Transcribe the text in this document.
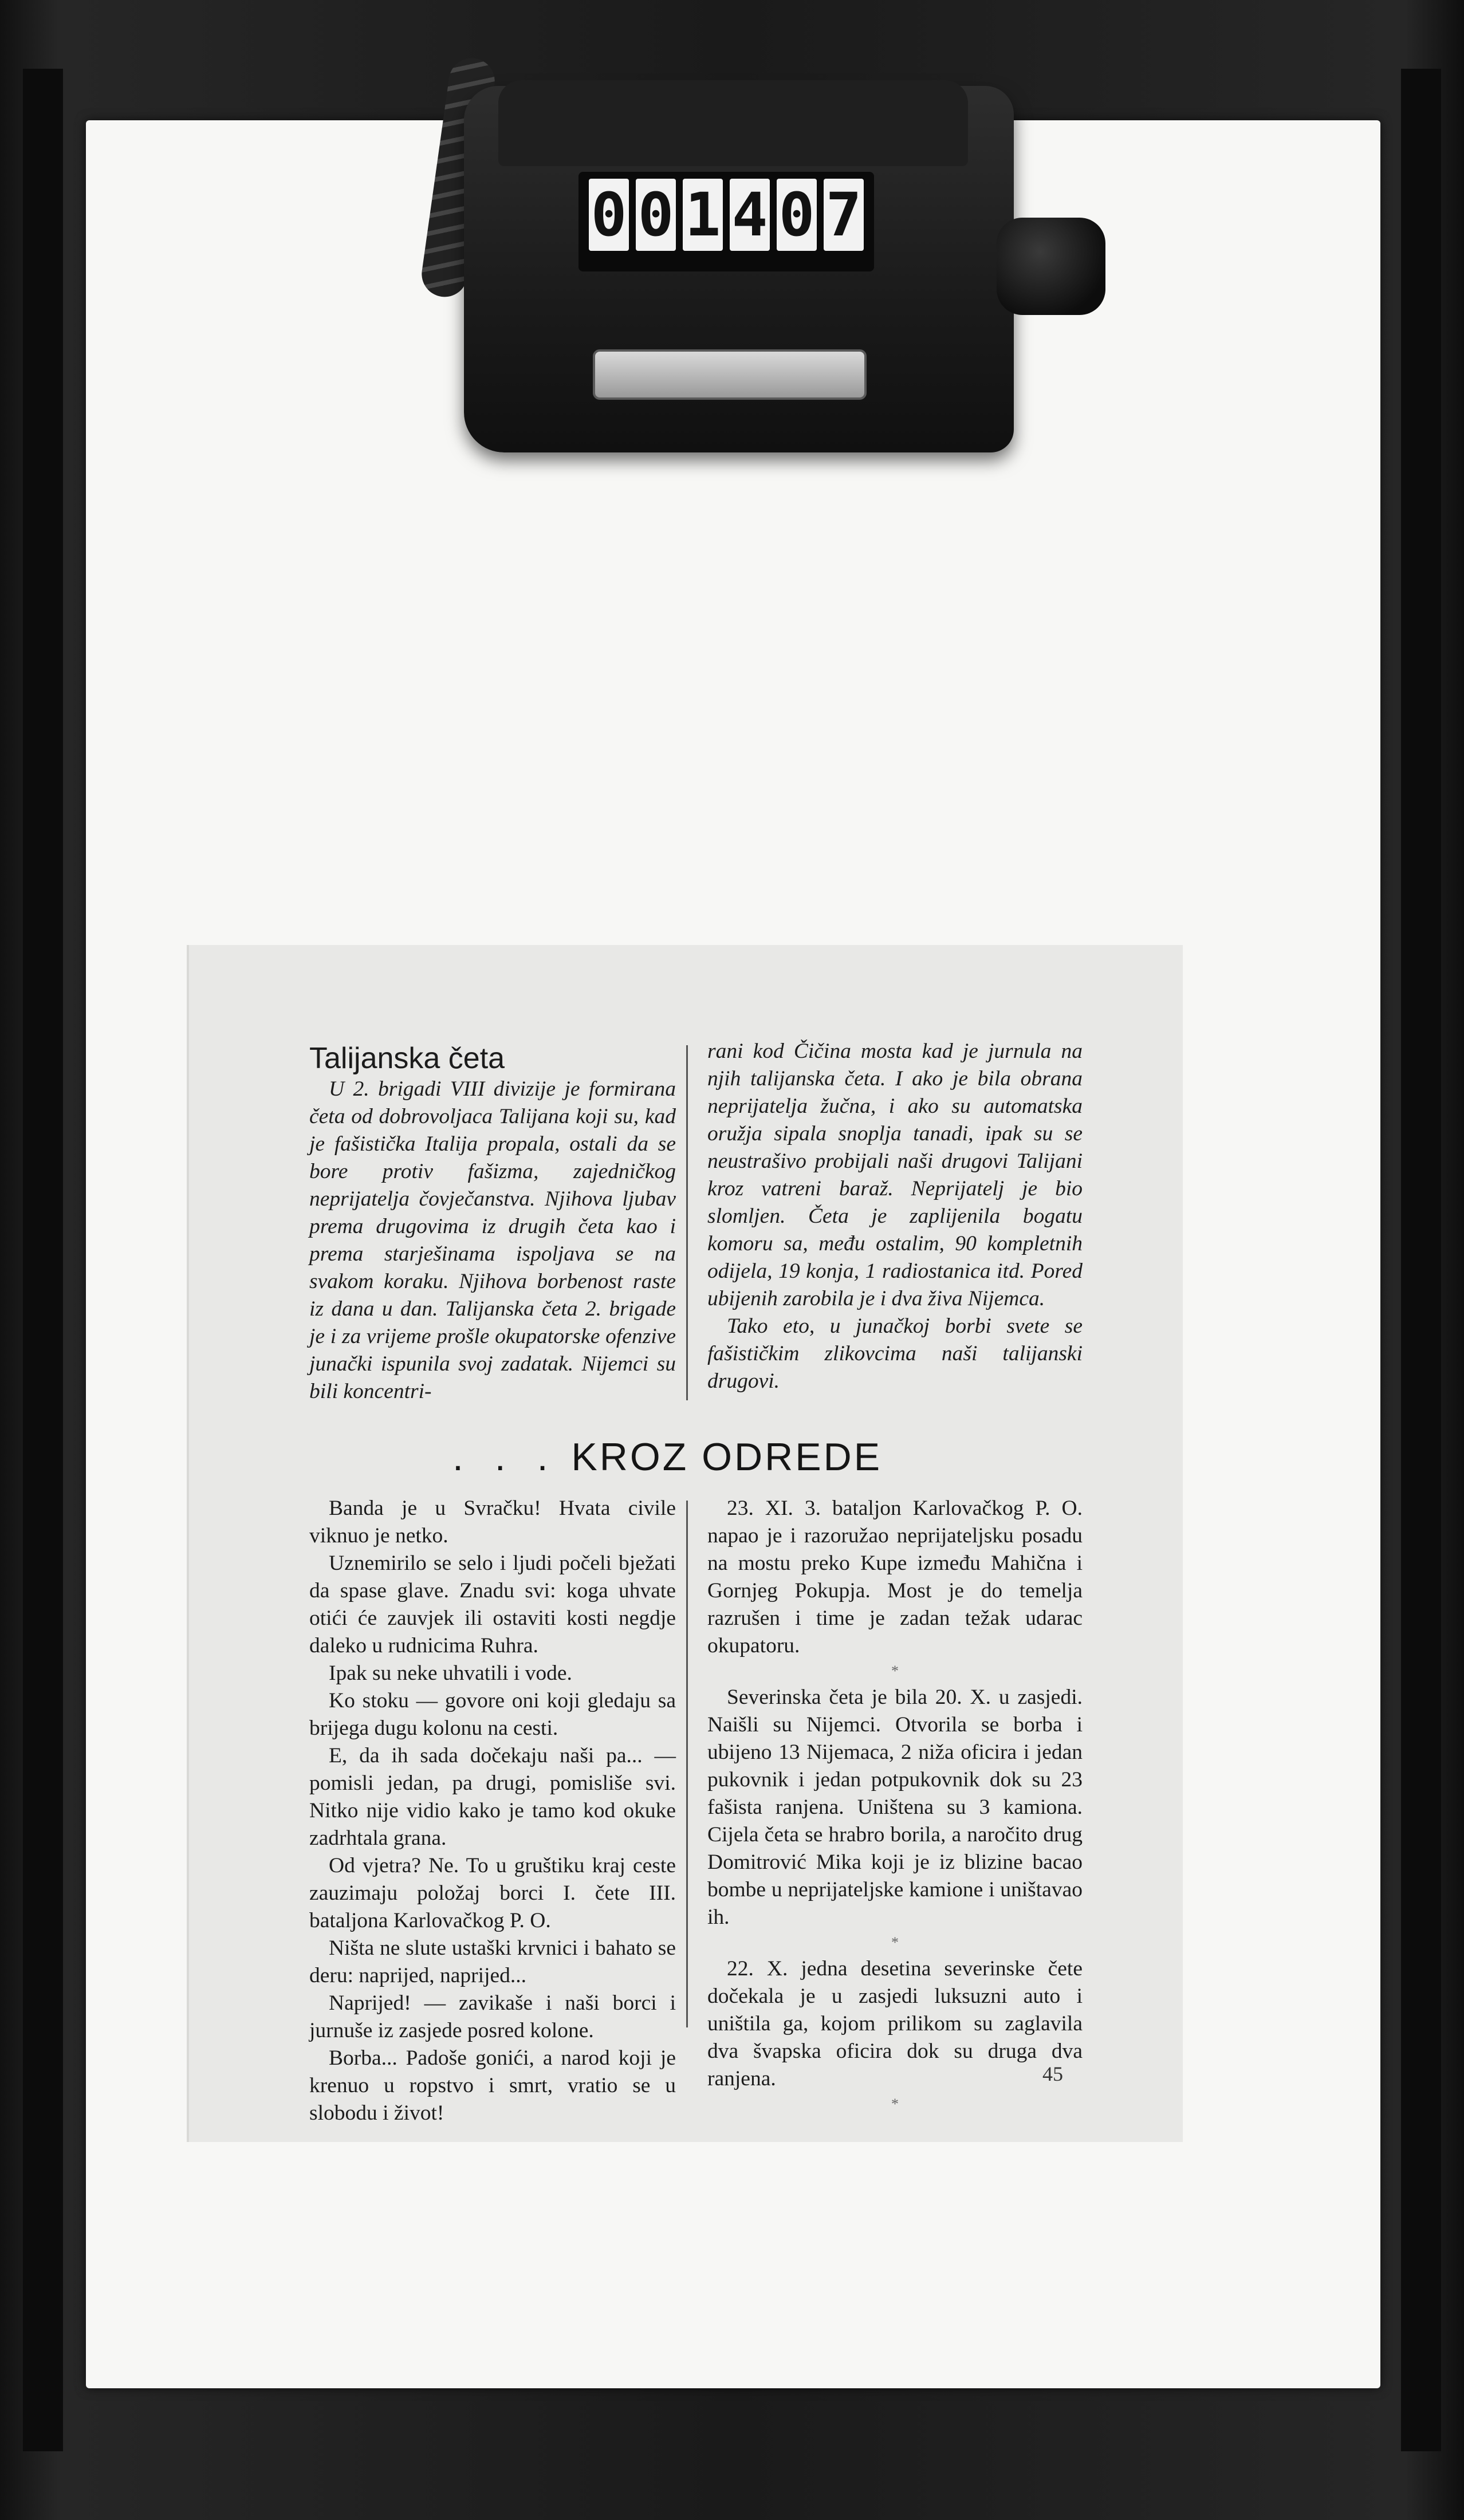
0 0 1 4 0 7
Talijanska četa

U 2. brigadi VIII divizije je formirana četa od dobrovoljaca Talijana koji su, kad je fašistička Italija propala, ostali da se bore protiv fašizma, zajedničkog neprijatelja čovječanstva. Njihova ljubav prema drugovima iz drugih četa kao i prema starješinama ispoljava se na svakom koraku. Njihova borbenost raste iz dana u dan. Talijanska četa 2. brigade je i za vrijeme prošle okupatorske ofenzive junački ispunila svoj zadatak. Nijemci su bili koncentri-

rani kod Čičina mosta kad je jurnula na njih talijanska četa. I ako je bila obrana neprijatelja žučna, i ako su automatska oružja sipala snoplja tanadi, ipak su se neustrašivo probijali naši drugovi Talijani kroz vatreni baraž. Neprijatelj je bio slomljen. Četa je zaplijenila bogatu komoru sa, među ostalim, 90 kompletnih odijela, 19 konja, 1 radiostanica itd. Pored ubijenih zarobila je i dva živa Nijemca.

Tako eto, u junačkoj borbi svete se fašističkim zlikovcima naši talijanski drugovi.

. . . KROZ ODREDE

Banda je u Svračku! Hvata civile viknuo je netko.

Uznemirilo se selo i ljudi počeli bježati da spase glave. Znadu svi: koga uhvate otići će zauvjek ili ostaviti kosti negdje daleko u rudnicima Ruhra.

Ipak su neke uhvatili i vode.

Ko stoku — govore oni koji gledaju sa brijega dugu kolonu na cesti.

E, da ih sada dočekaju naši pa... — pomisli jedan, pa drugi, pomisliše svi. Nitko nije vidio kako je tamo kod okuke zadrhtala grana.

Od vjetra? Ne. To u gruštiku kraj ceste zauzimaju položaj borci I. čete III. bataljona Karlovačkog P. O.

Ništa ne slute ustaški krvnici i bahato se deru: naprijed, naprijed...

Naprijed! — zavikaše i naši borci i jurnuše iz zasjede posred kolone.

Borba... Padoše gonići, a narod koji je krenuo u ropstvo i smrt, vratio se u slobodu i život!

23. XI. 3. bataljon Karlovačkog P. O. napao je i razoružao neprijateljsku posadu na mostu preko Kupe između Mahična i Gornjeg Pokupja. Most je do temelja razrušen i time je zadan težak udarac okupatoru.

*

Severinska četa je bila 20. X. u zasjedi. Naišli su Nijemci. Otvorila se borba i ubijeno 13 Nijemaca, 2 niža oficira i jedan pukovnik i jedan potpukovnik dok su 23 fašista ranjena. Uništena su 3 kamiona. Cijela četa se hrabro borila, a naročito drug Domitrović Mika koji je iz blizine bacao bombe u neprijateljske kamione i uništavao ih.

*

22. X. jedna desetina severinske čete dočekala je u zasjedi luksuzni auto i uništila ga, kojom prilikom su zaglavila dva švapska oficira dok su druga dva ranjena.

*
45
